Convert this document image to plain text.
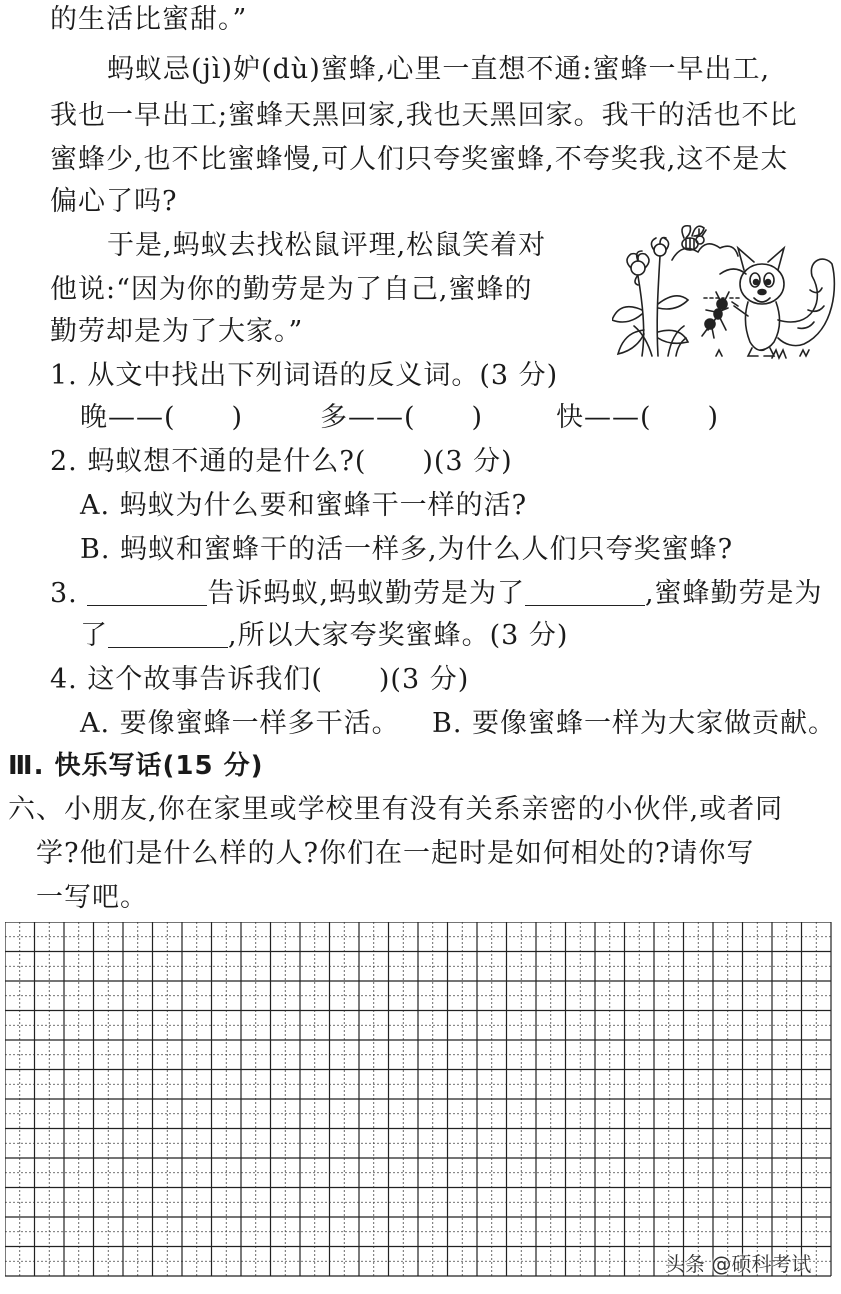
的生活比蜜甜。”
蚂蚁忌(jì)妒(dù)蜜蜂,心里一直想不通:蜜蜂一早出工,
我也一早出工;蜜蜂天黑回家,我也天黑回家。我干的活也不比
蜜蜂少,也不比蜜蜂慢,可人们只夸奖蜜蜂,不夸奖我,这不是太
偏心了吗?
于是,蚂蚁去找松鼠评理,松鼠笑着对
他说:“因为你的勤劳是为了自己,蜜蜂的
勤劳却是为了大家。”
1. 从文中找出下列词语的反义词。(3 分)
晚——(　　)	多——(　　)	快——(　　)
2. 蚂蚁想不通的是什么?(　　)(3 分)
A. 蚂蚁为什么要和蜜蜂干一样的活?
B. 蚂蚁和蜜蜂干的活一样多,为什么人们只夸奖蜜蜂?
3.	告诉蚂蚁,蚂蚁勤劳是为了	,蜜蜂勤劳是为
了	,所以大家夸奖蜜蜂。(3 分)
4. 这个故事告诉我们(　　)(3 分)
A. 要像蜜蜂一样多干活。 B. 要像蜜蜂一样为大家做贡献。
Ⅲ. 快乐写话(15 分)
六、小朋友,你在家里或学校里有没有关系亲密的小伙伴,或者同
学?他们是什么样的人?你们在一起时是如何相处的?请你写
一写吧。
头条 @硕科考试
